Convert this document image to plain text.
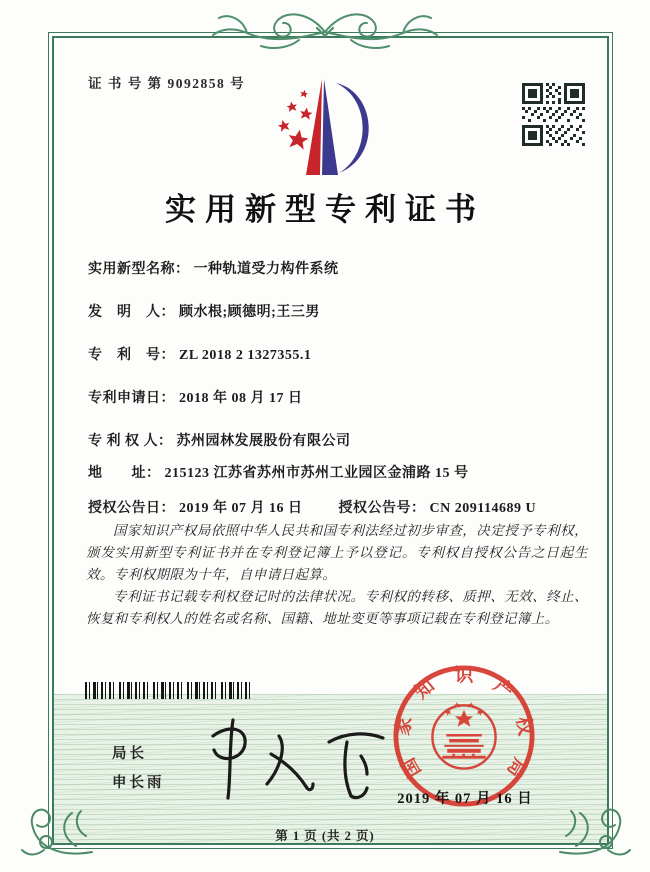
证 书 号 第 9092858 号
实用新型专利证书
实用新型名称： 一种轨道受力构件系统
发　明　人： 顾水根;顾德明;王三男
专　利　号： ZL 2018 2 1327355.1
专利申请日： 2018 年 08 月 17 日
专 利 权 人： 苏州园林发展股份有限公司
地　　址： 215123 江苏省苏州市苏州工业园区金浦路 15 号
授权公告日： 2019 年 07 月 16 日	授权公告号： CN 209114689 U

国家知识产权局依照中华人民共和国专利法经过初步审查，决定授予专利权，颁发实用新型专利证书并在专利登记簿上予以登记。专利权自授权公告之日起生效。专利权期限为十年，自申请日起算。

专利证书记载专利权登记时的法律状况。专利权的转移、质押、无效、终止、恢复和专利权人的姓名或名称、国籍、地址变更等事项记载在专利登记簿上。

局长
申长雨
国
家
知 识 产
权
局
2019 年 07 月 16 日
第 1 页 (共 2 页)
